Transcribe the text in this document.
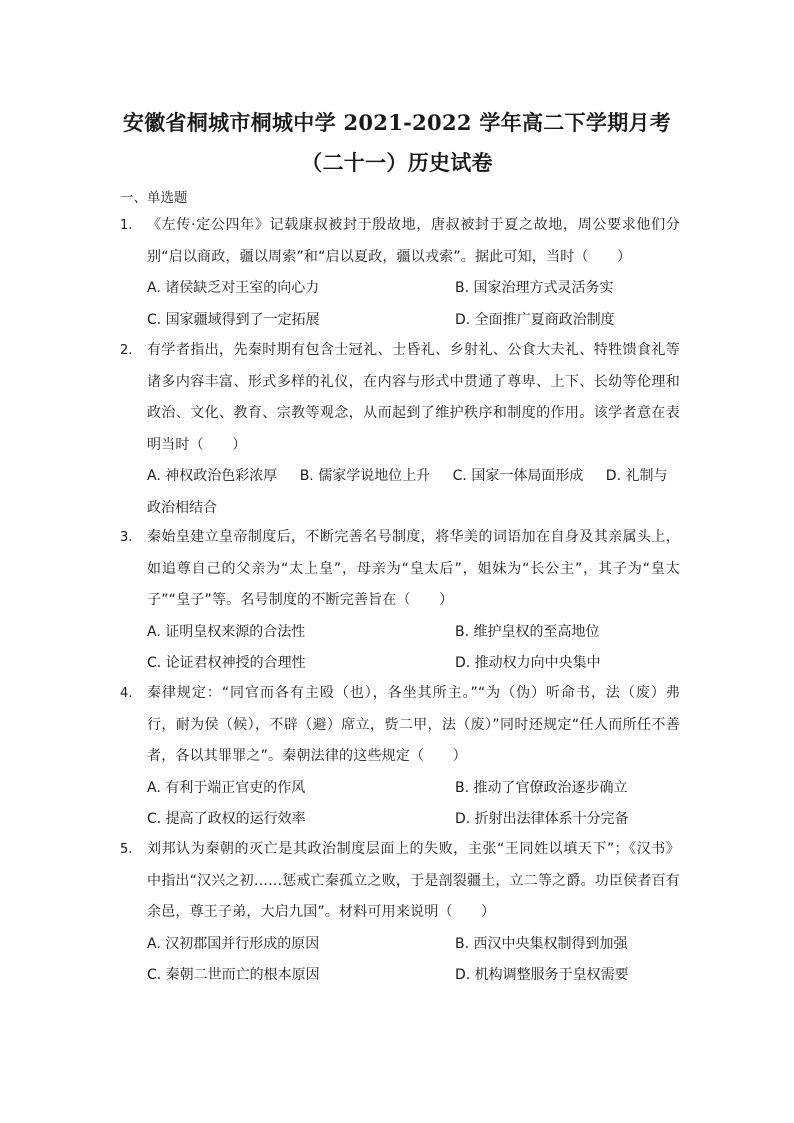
安徽省桐城市桐城中学 2021-2022 学年高二下学期月考
（二十一）历史试卷
一、单选题
1.	《左传·定公四年》记载康叔被封于殷故地，唐叔被封于夏之故地，周公要求他们分别“启以商政，疆以周索”和“启以夏政，疆以戎索”。据此可知，当时（　　）
A. 诸侯缺乏对王室的向心力	B. 国家治理方式灵活务实
C. 国家疆域得到了一定拓展	D. 全面推广夏商政治制度
2.	有学者指出，先秦时期有包含士冠礼、士昏礼、乡射礼、公食大夫礼、特牲馈食礼等诸多内容丰富、形式多样的礼仪，在内容与形式中贯通了尊卑、上下、长幼等伦理和政治、文化、教育、宗教等观念，从而起到了维护秩序和制度的作用。该学者意在表明当时（　　）
A. 神权政治色彩浓厚 B. 儒家学说地位上升 C. 国家一体局面形成 D. 礼制与政治相结合
3.	秦始皇建立皇帝制度后，不断完善名号制度，将华美的词语加在自身及其亲属头上，如追尊自己的父亲为“太上皇”，母亲为“皇太后”，姐妹为“长公主”，其子为“皇太子”“皇子”等。名号制度的不断完善旨在（　　）
A. 证明皇权来源的合法性	B. 维护皇权的至高地位
C. 论证君权神授的合理性	D. 推动权力向中央集中
4.	秦律规定：“同官而各有主殴（也），各坐其所主。”“为（伪）听命书，法（废）弗行，耐为侯（候），不辟（避）席立，赀二甲，法（废）”同时还规定“任人而所任不善者，各以其罪罪之”。秦朝法律的这些规定（　　）
A. 有利于端正官吏的作风	B. 推动了官僚政治逐步确立
C. 提高了政权的运行效率	D. 折射出法律体系十分完备
5.	刘邦认为秦朝的灭亡是其政治制度层面上的失败，主张“王同姓以填天下”；《汉书》中指出“汉兴之初……惩戒亡秦孤立之败，于是剖裂疆土，立二等之爵。功臣侯者百有余邑，尊王子弟，大启九国”。材料可用来说明（　　）
A. 汉初郡国并行形成的原因	B. 西汉中央集权制得到加强
C. 秦朝二世而亡的根本原因	D. 机构调整服务于皇权需要
